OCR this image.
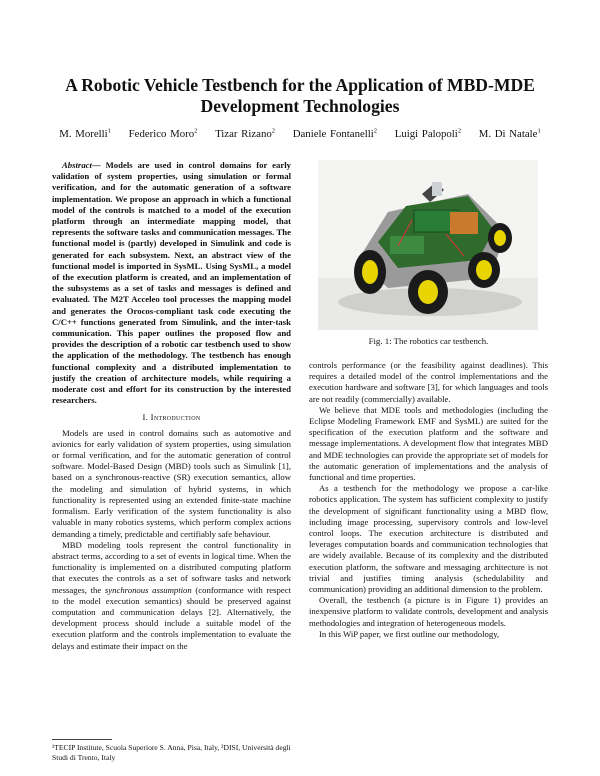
A Robotic Vehicle Testbench for the Application of MBD-MDE Development Technologies
M. Morelli$^1$ Federico Moro$^2$ Tizar Rizano$^2$ Daniele Fontanelli$^2$ Luigi Palopoli$^2$ M. Di Natale$^1$

Abstract— Models are used in control domains for early validation of system properties, using simulation or formal verification, and for the automatic generation of a software implementation. We propose an approach in which a functional model of the controls is matched to a model of the execution platform through an intermediate mapping model, that represents the software tasks and communication messages. The functional model is (partly) developed in Simulink and code is generated for each subsystem. Next, an abstract view of the functional model is imported in SysML. Using SysML, a model of the execution platform is created, and an implementation of the subsystems as a set of tasks and messages is defined and evaluated. The M2T Acceleo tool processes the mapping model and generates the Orocos-compliant task code executing the C/C++ functions generated from Simulink, and the inter-task communication. This paper outlines the proposed flow and provides the description of a robotic car testbench used to show the application of the methodology. The testbench has enough functional complexity and a distributed implementation to justify the creation of architecture models, while requiring a moderate cost and effort for its construction by the interested researchers.

I. Introduction

Models are used in control domains such as automotive and avionics for early validation of system properties, using simulation or formal verification, and for the automatic generation of control software. Model-Based Design (MBD) tools such as Simulink [1], based on a synchronous-reactive (SR) execution semantics, allow the modeling and simulation of hybrid systems, in which functionality is represented using an extended finite-state machine formalism. Early verification of the system functionality is also valuable in many robotics systems, which perform complex actions demanding a timely, predictable and certifiably safe behaviour.

MBD modeling tools represent the control functionality in abstract terms, according to a set of events in logical time. When the functionality is implemented on a distributed computing platform that executes the controls as a set of software tasks and network messages, the synchronous assumption (conformance with respect to the model execution semantics) should be preserved against computation and communication delays [2]. Alternatively, the development process should include a suitable model of the execution platform and the controls implementation to evaluate the delays and estimate their impact on the

¹TECIP Institute, Scuola Superiore S. Anna, Pisa, Italy, ²DISI, Università degli Studi di Trento, Italy
Fig. 1: The robotics car testbench.

controls performance (or the feasibility against deadlines). This requires a detailed model of the control implementations and the execution hardware and software [3], for which languages and tools are not readily (commercially) available.

We believe that MDE tools and methodologies (including the Eclipse Modeling Framework EMF and SysML) are suited for the specification of the execution platform and the software and message implementations. A development flow that integrates MBD and MDE technologies can provide the appropriate set of models for the automatic generation of implementations and the analysis of functional and time properties.

As a testbench for the methodology we propose a car-like robotics application. The system has sufficient complexity to justify the development of significant functionality using a MBD flow, including image processing, supervisory controls and low-level control loops. The execution architecture is distributed and leverages computation boards and communication technologies that are widely available. Because of its complexity and the distributed execution platform, the software and messaging architecture is not trivial and justifies timing analysis (schedulability and communication) providing an additional dimension to the problem.

Overall, the testbench (a picture is in Figure 1) provides an inexpensive platform to validate controls, development and analysis methodologies and integration of heterogeneous models.

In this WiP paper, we first outline our methodology,
